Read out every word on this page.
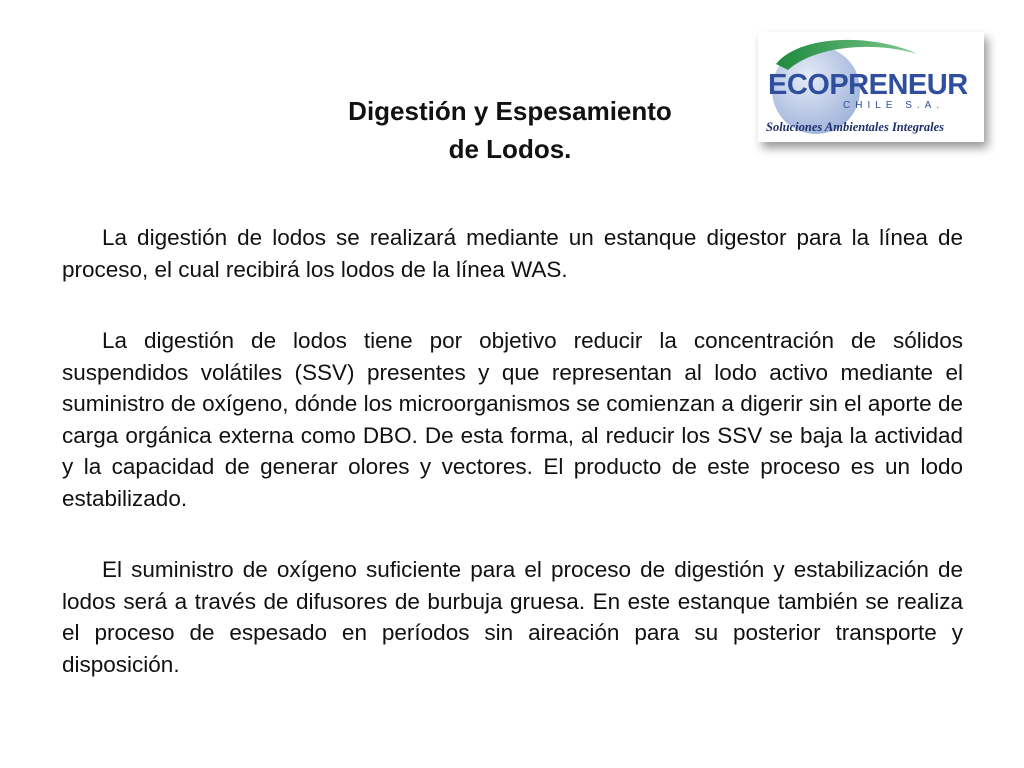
Digestión y Espesamiento
de Lodos.
ECOPRENEUR
CHILE S.A.
Soluciones Ambientales Integrales

La digestión de lodos se realizará mediante un estanque digestor para la línea de proceso, el cual recibirá los lodos de la línea WAS.

La digestión de lodos tiene por objetivo reducir la concentración de sólidos suspendidos volátiles (SSV) presentes y que representan al lodo activo mediante el suministro de oxígeno, dónde los microorganismos se comienzan a digerir sin el aporte de carga orgánica externa como DBO. De esta forma, al reducir los SSV se baja la actividad y la capacidad de generar olores y vectores. El producto de este proceso es un lodo estabilizado.

El suministro de oxígeno suficiente para el proceso de digestión y estabilización de lodos será a través de difusores de burbuja gruesa. En este estanque también se realiza el proceso de espesado en períodos sin aireación para su posterior transporte y disposición.
